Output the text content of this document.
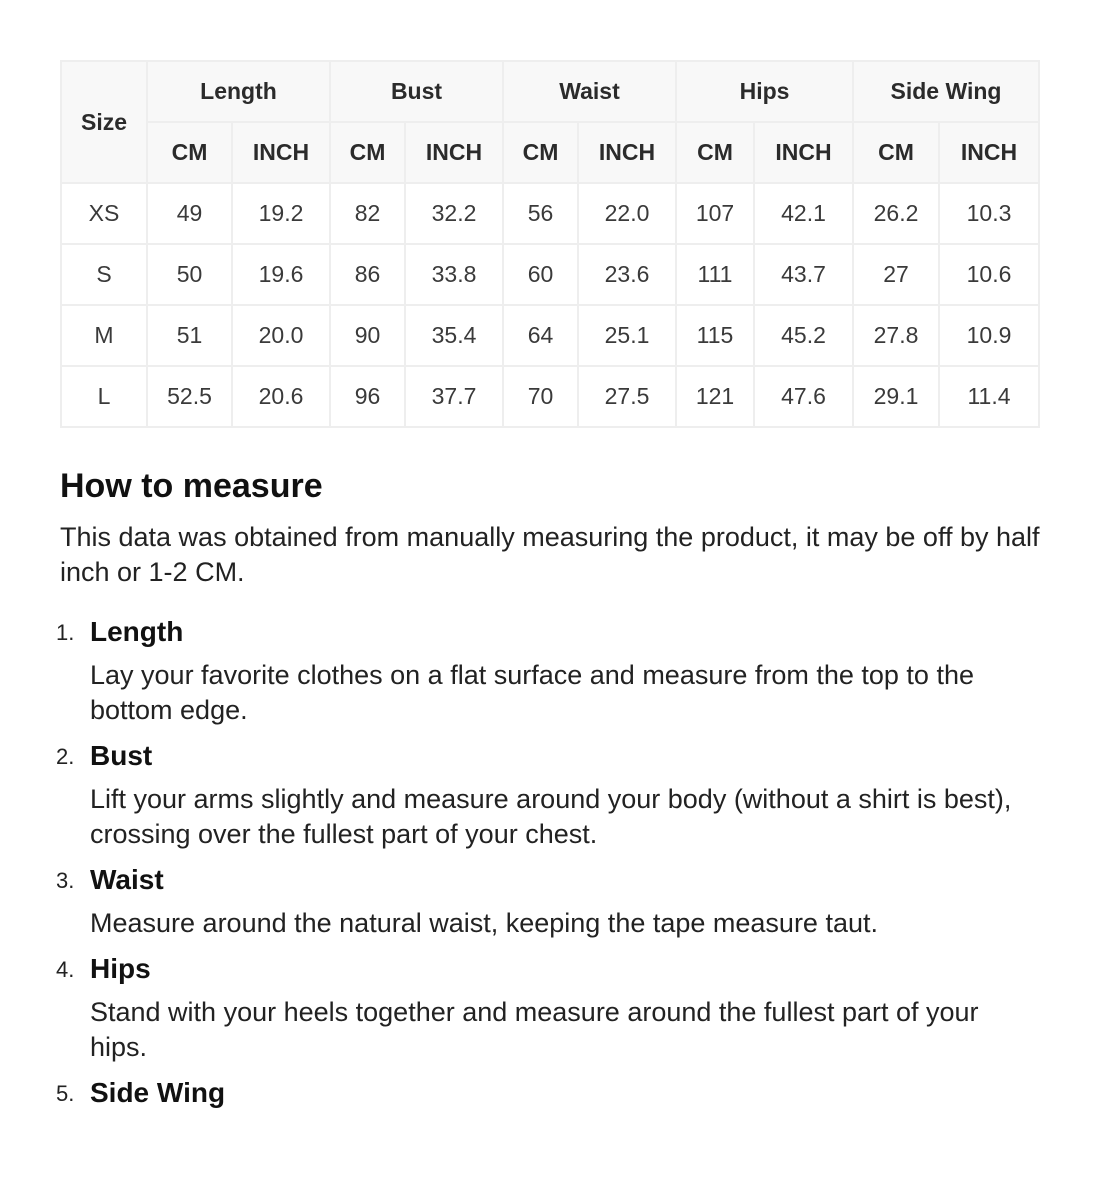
Size	Length		Bust		Waist		Hips		Side Wing	
	CM	INCH	CM	INCH	CM	INCH	CM	INCH	CM	INCH
XS	49	19.2	82	32.2	56	22.0	107	42.1	26.2	10.3
S	50	19.6	86	33.8	60	23.6	111	43.7	27	10.6
M	51	20.0	90	35.4	64	25.1	115	45.2	27.8	10.9
L	52.5	20.6	96	37.7	70	27.5	121	47.6	29.1	11.4
How to measure

This data was obtained from manually measuring the product, it may be off by half inch or 1-2 CM.

1. Length
Lay your favorite clothes on a flat surface and measure from the top to the bottom edge.
2. Bust
Lift your arms slightly and measure around your body (without a shirt is best), crossing over the fullest part of your chest.
3. Waist
Measure around the natural waist, keeping the tape measure taut.
4. Hips
Stand with your heels together and measure around the fullest part of your hips.
5. Side Wing
